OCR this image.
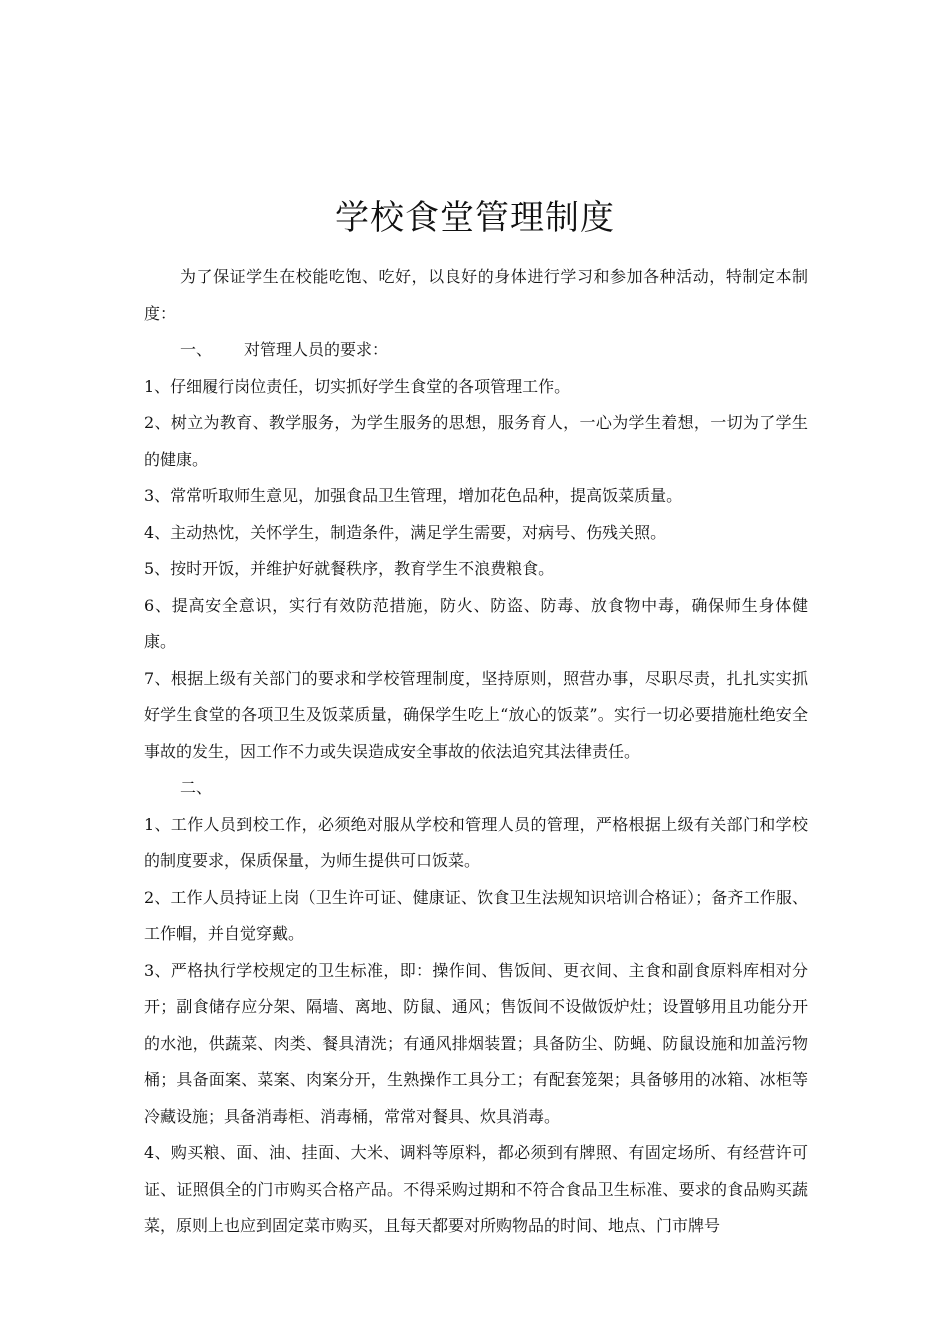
学校食堂管理制度

为了保证学生在校能吃饱、吃好，以良好的身体进行学习和参加各种活动，特制定本制度：

一、 对管理人员的要求：

1、仔细履行岗位责任，切实抓好学生食堂的各项管理工作。

2、树立为教育、教学服务，为学生服务的思想，服务育人，一心为学生着想，一切为了学生的健康。

3、常常听取师生意见，加强食品卫生管理，增加花色品种，提高饭菜质量。

4、主动热忱，关怀学生，制造条件，满足学生需要，对病号、伤残关照。

5、按时开饭，并维护好就餐秩序，教育学生不浪费粮食。

6、提高安全意识，实行有效防范措施，防火、防盗、防毒、放食物中毒，确保师生身体健康。

7、根据上级有关部门的要求和学校管理制度，坚持原则，照营办事，尽职尽责，扎扎实实抓好学生食堂的各项卫生及饭菜质量，确保学生吃上“放心的饭菜”。实行一切必要措施杜绝安全事故的发生，因工作不力或失误造成安全事故的依法追究其法律责任。

二、

1、工作人员到校工作，必须绝对服从学校和管理人员的管理，严格根据上级有关部门和学校的制度要求，保质保量，为师生提供可口饭菜。

2、工作人员持证上岗（卫生许可证、健康证、饮食卫生法规知识培训合格证）；备齐工作服、工作帽，并自觉穿戴。

3、严格执行学校规定的卫生标准，即：操作间、售饭间、更衣间、主食和副食原料库相对分开；副食储存应分架、隔墙、离地、防鼠、通风；售饭间不设做饭炉灶；设置够用且功能分开的水池，供蔬菜、肉类、餐具清洗；有通风排烟装置；具备防尘、防蝇、防鼠设施和加盖污物桶；具备面案、菜案、肉案分开，生熟操作工具分工；有配套笼架；具备够用的冰箱、冰柜等冷藏设施；具备消毒柜、消毒桶，常常对餐具、炊具消毒。

4、购买粮、面、油、挂面、大米、调料等原料，都必须到有牌照、有固定场所、有经营许可证、证照俱全的门市购买合格产品。不得采购过期和不符合食品卫生标准、要求的食品购买蔬菜，原则上也应到固定菜市购买，且每天都要对所购物品的时间、地点、门市牌号
